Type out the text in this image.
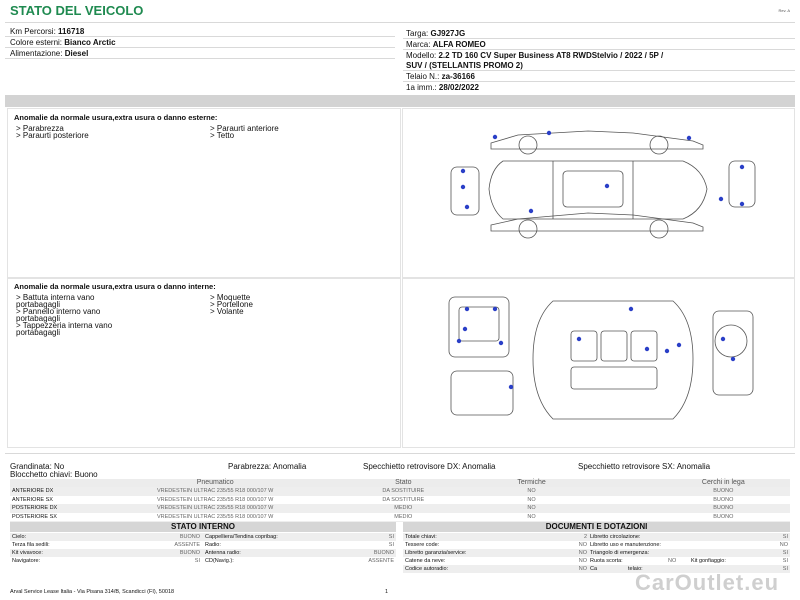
STATO DEL VEICOLO	Rev. A
Km Percorsi: 116718
Colore esterni: Bianco Arctic
Alimentazione: Diesel
Targa: GJ927JG
Marca: ALFA ROMEO
Modello: 2.2 TD 160 CV Super Business AT8 RWDStelvio / 2022 / 5P /
SUV / (STELLANTIS PROMO 2)
Telaio N.: za-36166
1a imm.: 28/02/2022
Anomalie da normale usura,extra usura o danno esterne:
> Parabrezza
> Paraurti posteriore
> Paraurti anteriore
> Tetto
Anomalie da normale usura,extra usura o danno interne:
> Battuta interna vano
portabagagli
> Pannello interno vano
portabagagli
> Tappezzeria interna vano
portabagagli
> Moquette
> Portellone
> Volante
Grandinata: No
Blocchetto chiavi: Buono
Parabrezza: Anomalia	Specchietto retrovisore DX: Anomalia	Specchietto retrovisore SX: Anomalia
	Pneumatico	Stato	Termiche		Cerchi in lega
ANTERIORE DX	VREDESTEIN ULTRAC 235/55 R18 000/107 W	DA SOSTITUIRE	NO		BUONO
ANTERIORE SX	VREDESTEIN ULTRAC 235/55 R18 000/107 W	DA SOSTITUIRE	NO		BUONO
POSTERIORE DX	VREDESTEIN ULTRAC 235/55 R18 000/107 W	MEDIO	NO		BUONO
POSTERIORE SX	VREDESTEIN ULTRAC 235/55 R18 000/107 W	MEDIO	NO		BUONO
STATO INTERNO
Cielo:	BUONO Cappelliera/Tendina copribag:	SI
Terza fila sedili:	ASSENTE Radio:	SI
Kit vivavoce:	BUONO Antenna radio:	BUONO
Navigatore:	SI CD(Navig.):	ASSENTE
DOCUMENTI E DOTAZIONI
Totale chiavi:	2 Libretto circolazione:	SI
Tessere code:	NO Libretto uso e manutenzione:	NO
Libretto garanzia/service:	NO Triangolo di emergenza:	SI
Catene da neve:	NO Ruota scorta:	NO	Kit gonfiaggio:	SI
Codice autoradio:	NO Ca	telaio:	SI
Arval Service Lease Italia - Via Pisana 314/B, Scandicci (FI), 50018	1	CarOutlet.eu
